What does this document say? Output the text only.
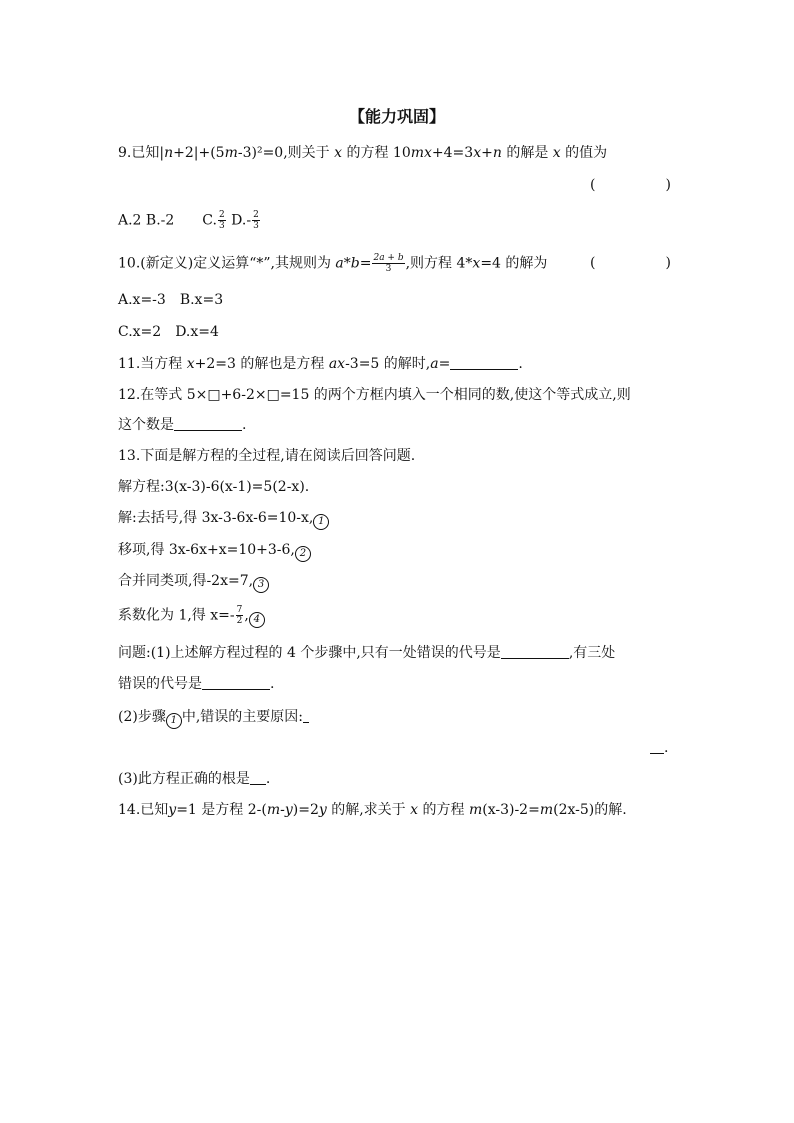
【能力巩固】
9.已知|n+2|+(5m-3)²=0,则关于 x 的方程 10mx+4=3x+n 的解是 x 的值为
(　　　　　)
A.2 B.-2　　C. $\frac{2}{3} D.- \frac{2}{3}$
10.(新定义)定义运算“*”,其规则为 $a*b= \frac{2a + b}{3}$ ,则方程 4*x=4 的解为	(　　　　　)
A.x=-3　B.x=3
C.x=2　D.x=4
11.当方程 x+2=3 的解也是方程 ax-3=5 的解时,a=	.
12.在等式 5×□+6-2×□=15 的两个方框内填入一个相同的数,使这个等式成立,则
这个数是	.
13.下面是解方程的全过程,请在阅读后回答问题.
解方程:3(x-3)-6(x-1)=5(2-x).
解:去括号,得 3x-3-6x-6=10-x, 1
移项,得 3x-6x+x=10+3-6, 2
合并同类项,得-2x=7, 3
系数化为 1,得 $x=- \frac{7}{2}$ , 4
问题:(1)上述解方程过程的 4 个步骤中,只有一处错误的代号是	,有三处
错误的代号是	.
(2)步骤 1 中,错误的主要原因:
.
(3)此方程正确的根是 .
14.已知y=1 是方程 2-(m-y)=2y 的解,求关于 x 的方程 m(x-3)-2=m(2x-5)的解.
